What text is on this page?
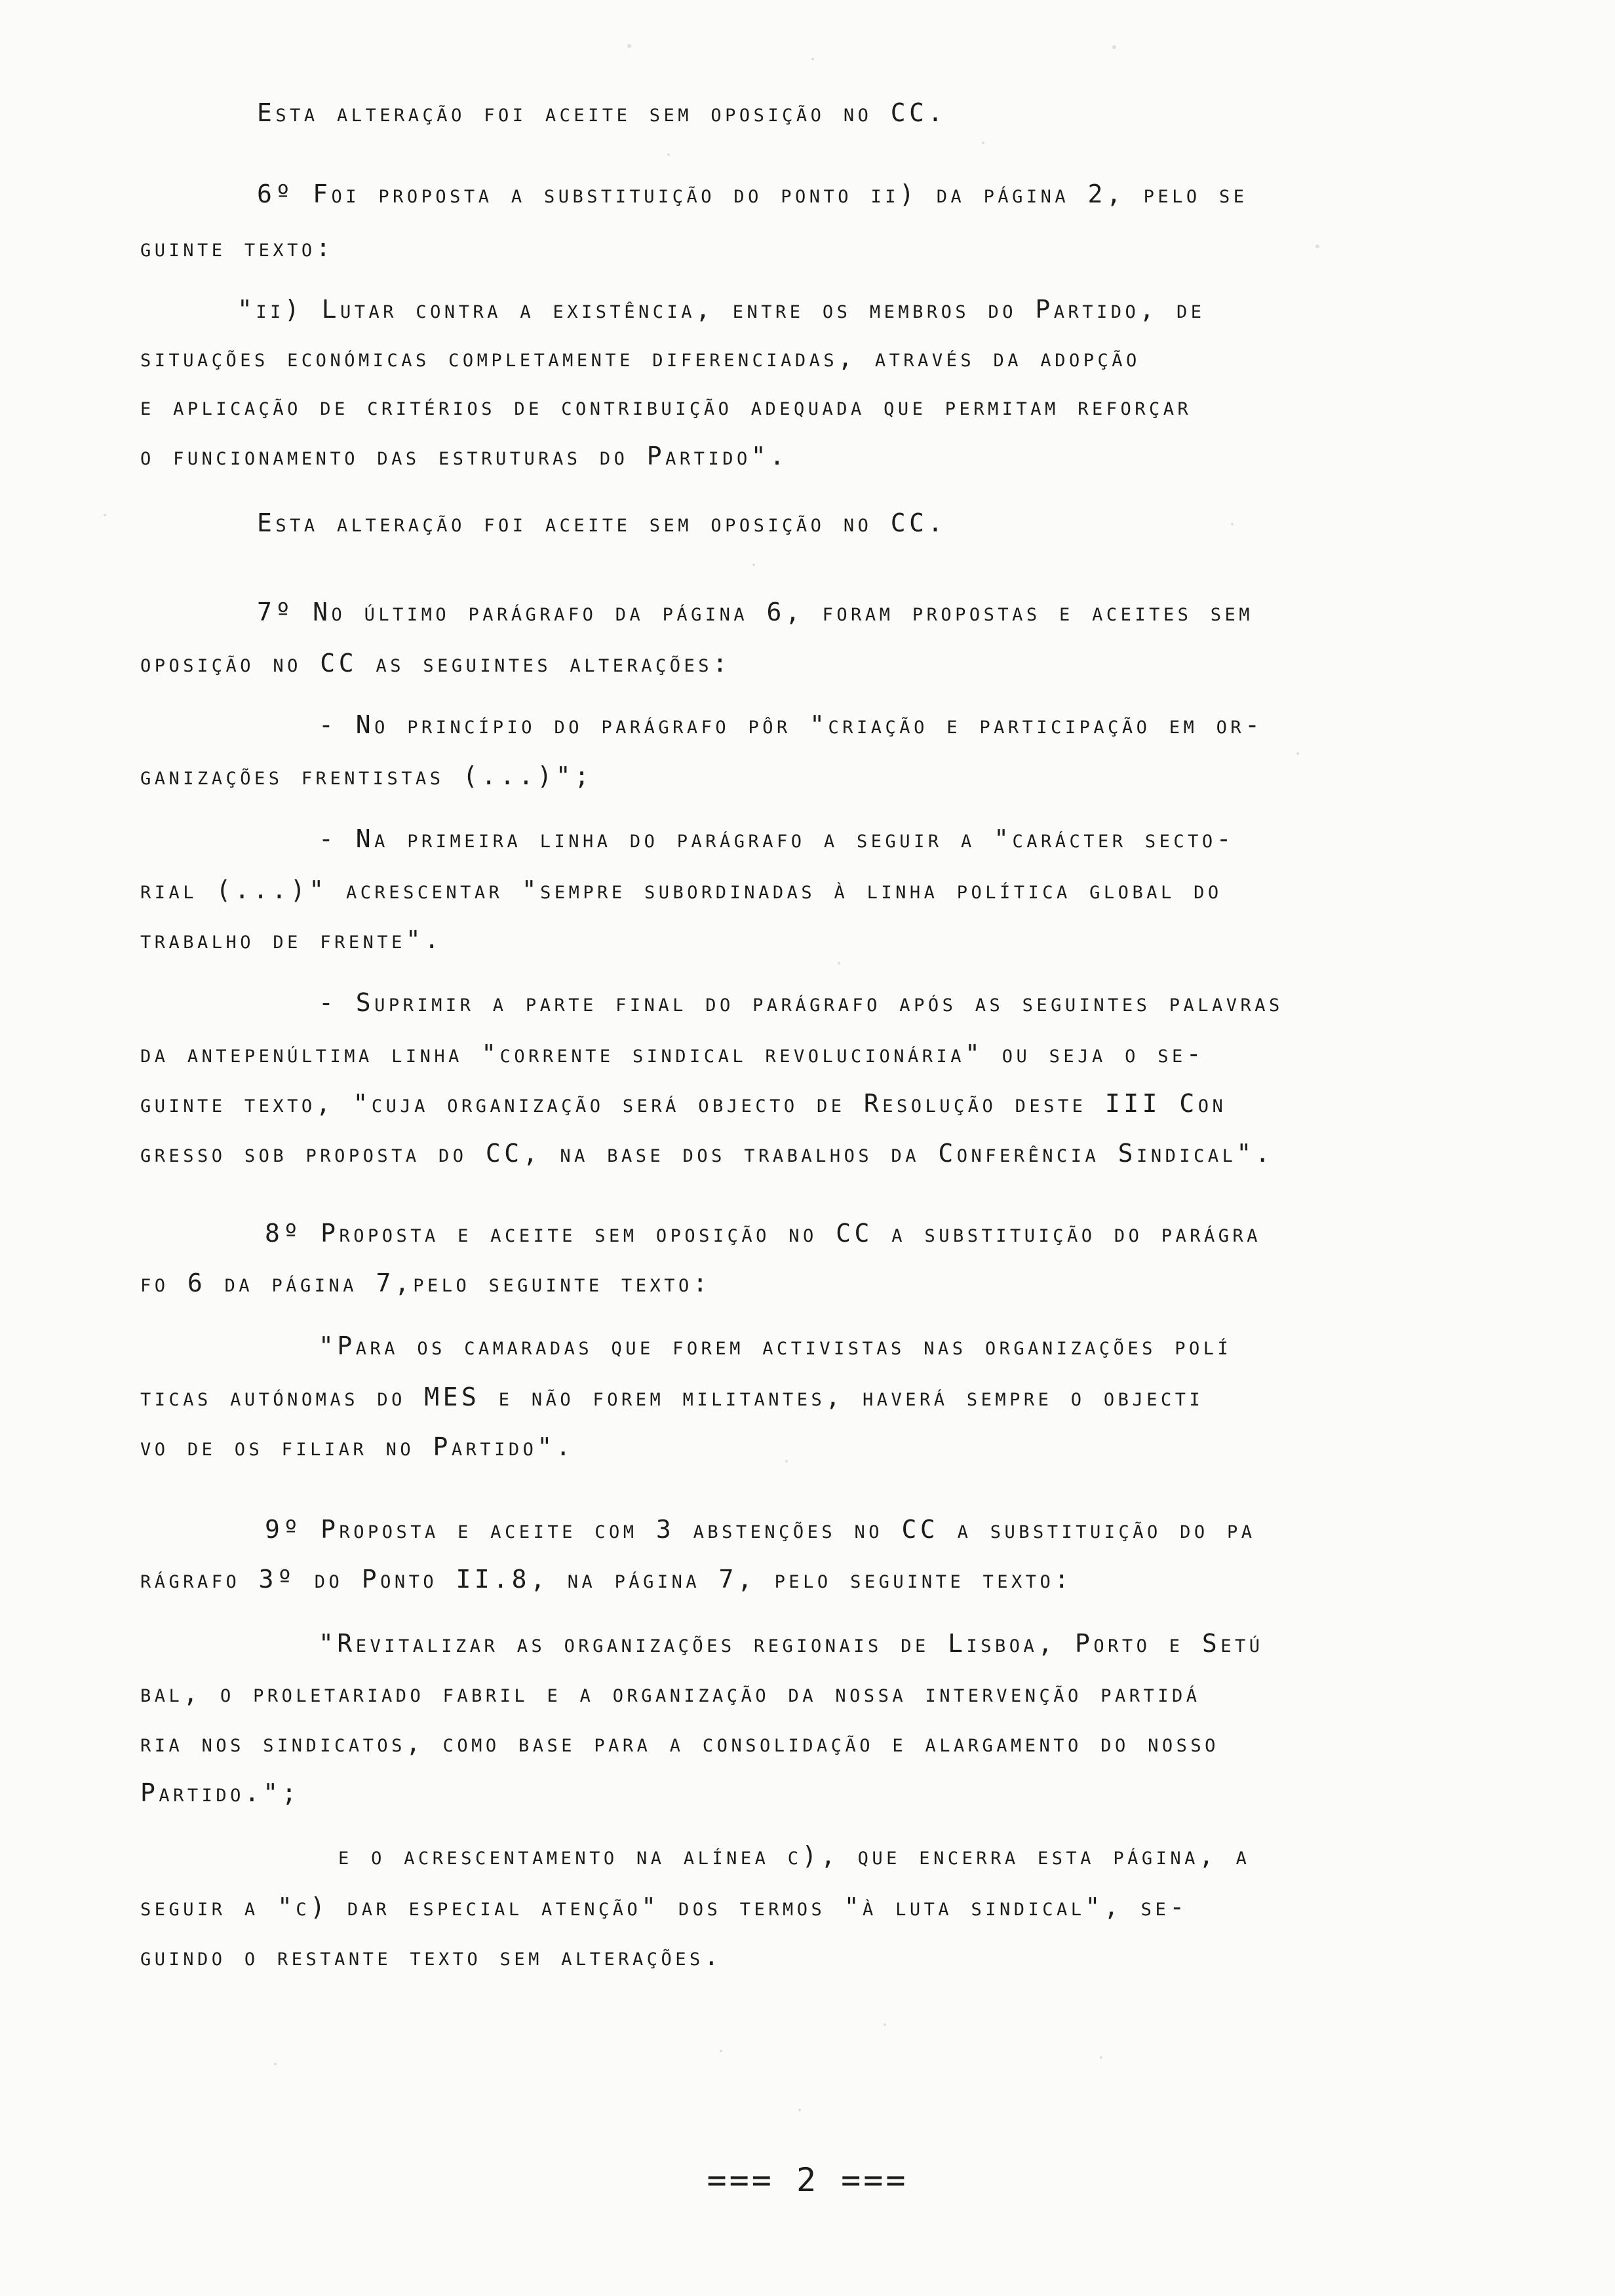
Esta alteração foi aceite sem oposição no CC.
6º Foi proposta a substituição do ponto ii) da página 2, pelo se
guinte texto:
"ii) Lutar contra a existência, entre os membros do Partido, de
situações económicas completamente diferenciadas, através da adopção
e aplicação de critérios de contribuição adequada que permitam reforçar
o funcionamento das estruturas do Partido".
Esta alteração foi aceite sem oposição no CC.
7º No último parágrafo da página 6, foram propostas e aceites sem
oposição no CC as seguintes alterações:
- No princípio do parágrafo pôr "criação e participação em or-
ganizações frentistas (...)";
- Na primeira linha do parágrafo a seguir a "carácter secto-
rial (...)" acrescentar "sempre subordinadas à linha política global do
trabalho de frente".
- Suprimir a parte final do parágrafo após as seguintes palavras
da antepenúltima linha "corrente sindical revolucionária" ou seja o se-
guinte texto, "cuja organização será objecto de Resolução deste III Con
gresso sob proposta do CC, na base dos trabalhos da Conferência Sindical".
8º Proposta e aceite sem oposição no CC a substituição do parágra
fo 6 da página 7,pelo seguinte texto:
"Para os camaradas que forem activistas nas organizações polí
ticas autónomas do MES e não forem militantes, haverá sempre o objecti
vo de os filiar no Partido".
9º Proposta e aceite com 3 abstenções no CC a substituição do pa
rágrafo 3º do Ponto II.8, na página 7, pelo seguinte texto:
"Revitalizar as organizações regionais de Lisboa, Porto e Setú
bal, o proletariado fabril e a organização da nossa intervenção partidá
ria nos sindicatos, como base para a consolidação e alargamento do nosso
Partido.";
e o acrescentamento na alínea c), que encerra esta página, a
seguir a "c) dar especial atenção" dos termos "à luta sindical", se-
guindo o restante texto sem alterações.
=== 2 ===
